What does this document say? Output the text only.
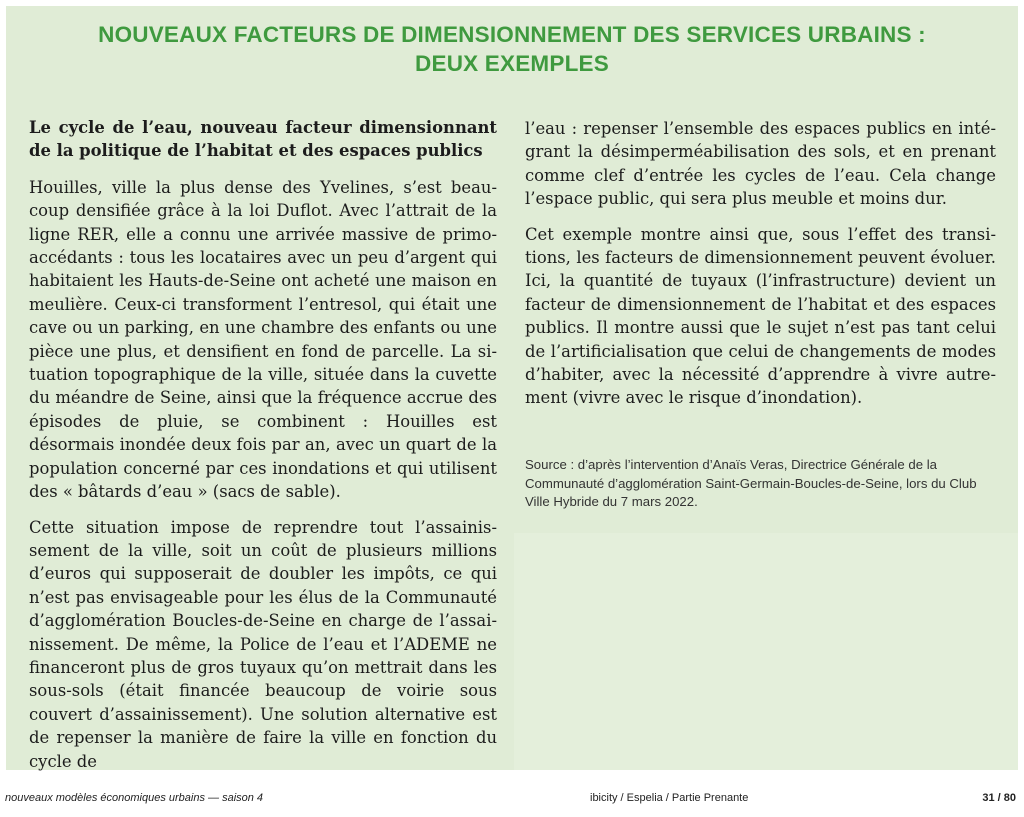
NOUVEAUX FACTEURS DE DIMENSIONNEMENT DES SERVICES URBAINS :
DEUX EXEMPLES
Le cycle de l’eau, nouveau facteur dimensionnant de la politique de l’habitat et des espaces publics

Houilles, ville la plus dense des Yvelines, s’est beaucoup densifiée grâce à la loi Duflot. Avec l’attrait de la ligne RER, elle a connu une arrivée massive de primoaccédants : tous les locataires avec un peu d’argent qui habitaient les Hauts-de-Seine ont acheté une maison en meulière. Ceux-ci transforment l’entresol, qui était une cave ou un parking, en une chambre des enfants ou une pièce une plus, et densifient en fond de parcelle. La situation topographique de la ville, située dans la cuvette du méandre de Seine, ainsi que la fréquence accrue des épisodes de pluie, se combinent : Houilles est désormais inondée deux fois par an, avec un quart de la population concerné par ces inondations et qui utilisent des « bâtards d’eau » (sacs de sable).

Cette situation impose de reprendre tout l’assainissement de la ville, soit un coût de plusieurs millions d’euros qui supposerait de doubler les impôts, ce qui n’est pas envisageable pour les élus de la Communauté d’agglomération Boucles-de-Seine en charge de l’assainissement. De même, la Police de l’eau et l’ADEME ne financeront plus de gros tuyaux qu’on mettrait dans les sous-sols (était financée beaucoup de voirie sous couvert d’assainissement). Une solution alternative est de repenser la manière de faire la ville en fonction du cycle de

l’eau : repenser l’ensemble des espaces publics en intégrant la désimperméabilisation des sols, et en prenant comme clef d’entrée les cycles de l’eau. Cela change l’espace public, qui sera plus meuble et moins dur.

Cet exemple montre ainsi que, sous l’effet des transitions, les facteurs de dimensionnement peuvent évoluer. Ici, la quantité de tuyaux (l’infrastructure) devient un facteur de dimensionnement de l’habitat et des espaces publics. Il montre aussi que le sujet n’est pas tant celui de l’artificialisation que celui de changements de modes d’habiter, avec la nécessité d’apprendre à vivre autrement (vivre avec le risque d’inondation).

Source : d’après l’intervention d’Anaïs Veras, Directrice Générale de la Communauté d’agglomération Saint-Germain-Boucles-de-Seine, lors du Club Ville Hybride du 7 mars 2022.
nouveaux modèles économiques urbains — saison 4	ibicity / Espelia / Partie Prenante	31 / 80
